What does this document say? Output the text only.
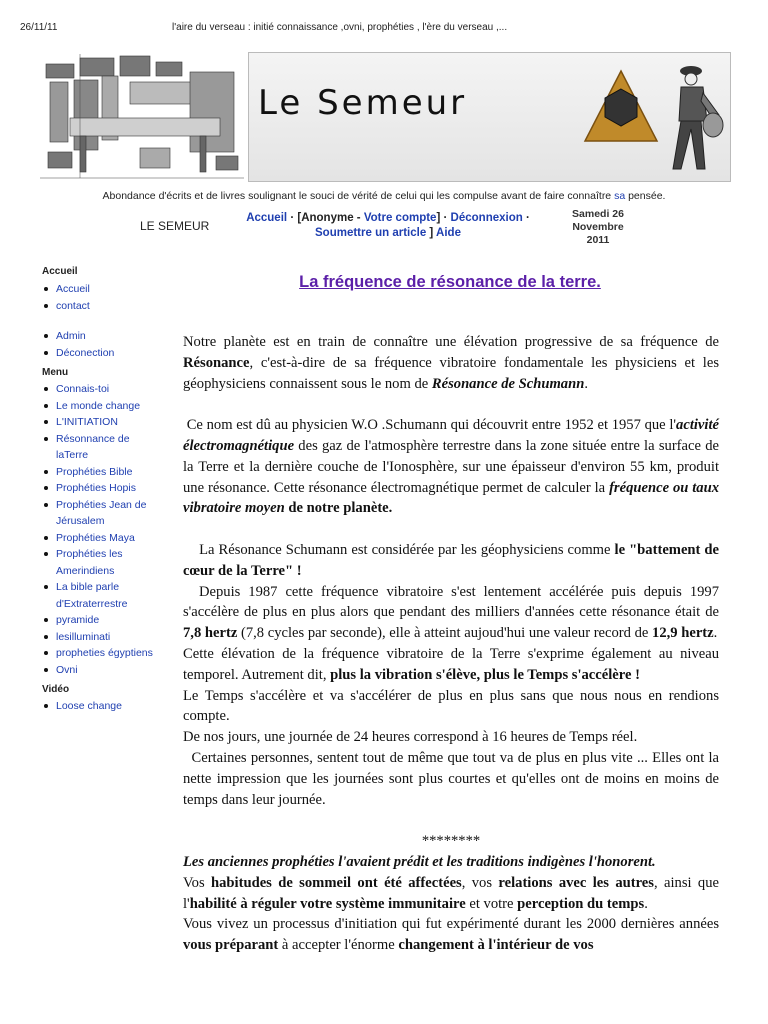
26/11/11	l'aire du verseau : initié connaissance ,ovni, prophéties , l'ère du verseau ,...
Le Semeur
Abondance d'écrits et de livres soulignant le souci de vérité de celui qui les compulse avant de faire connaître sa pensée.
LE SEMEUR
Accueil · [Anonyme - Votre compte] · Déconnexion ·
Soumettre un article ] Aide
Samedi 26
Novembre
2011
Accueil
Accueil
contact
Admin
Déconection
Menu
Connais-toi
Le monde change
L'INITIATION
Résonnance de laTerre
Prophéties Bible
Prophéties Hopis
Prophéties Jean de Jérusalem
Prophéties Maya
Prophéties les Amerindiens
La bible parle d'Extraterrestre
pyramide
lesilluminati
propheties égyptiens
Ovni
Vidéo
Loose change
La fréquence de résonance de la terre.

Notre planète est en train de connaître une élévation progressive de sa fréquence de Résonance, c'est-à-dire de sa fréquence vibratoire fondamentale les physiciens et les géophysiciens connaissent sous le nom de Résonance de Schumann.

Ce nom est dû au physicien W.O .Schumann qui découvrit entre 1952 et 1957 que l'activité électromagnétique des gaz de l'atmosphère terrestre dans la zone située entre la surface de la Terre et la dernière couche de l'Ionosphère, sur une épaisseur d'environ 55 km, produit une résonance. Cette résonance électromagnétique permet de calculer la fréquence ou taux vibratoire moyen de notre planète.

La Résonance Schumann est considérée par les géophysiciens comme le "battement de cœur de la Terre" !

Depuis 1987 cette fréquence vibratoire s'est lentement accélérée puis depuis 1997 s'accélère de plus en plus alors que pendant des milliers d'années cette résonance était de 7,8 hertz (7,8 cycles par seconde), elle à atteint aujoud'hui une valeur record de 12,9 hertz.

Cette élévation de la fréquence vibratoire de la Terre s'exprime également au niveau temporel. Autrement dit, plus la vibration s'élève, plus le Temps s'accélère !

Le Temps s'accélère et va s'accélérer de plus en plus sans que nous nous en rendions compte.

De nos jours, une journée de 24 heures correspond à 16 heures de Temps réel.

Certaines personnes, sentent tout de même que tout va de plus en plus vite ... Elles ont la nette impression que les journées sont plus courtes et qu'elles ont de moins en moins de temps dans leur journée.

********

Les anciennes prophéties l'avaient prédit et les traditions indigènes l'honorent.

Vos habitudes de sommeil ont été affectées, vos relations avec les autres, ainsi que l'habilité à réguler votre système immunitaire et votre perception du temps.

Vous vivez un processus d'initiation qui fut expérimenté durant les 2000 dernières années vous préparant à accepter l'énorme changement à l'intérieur de vos
